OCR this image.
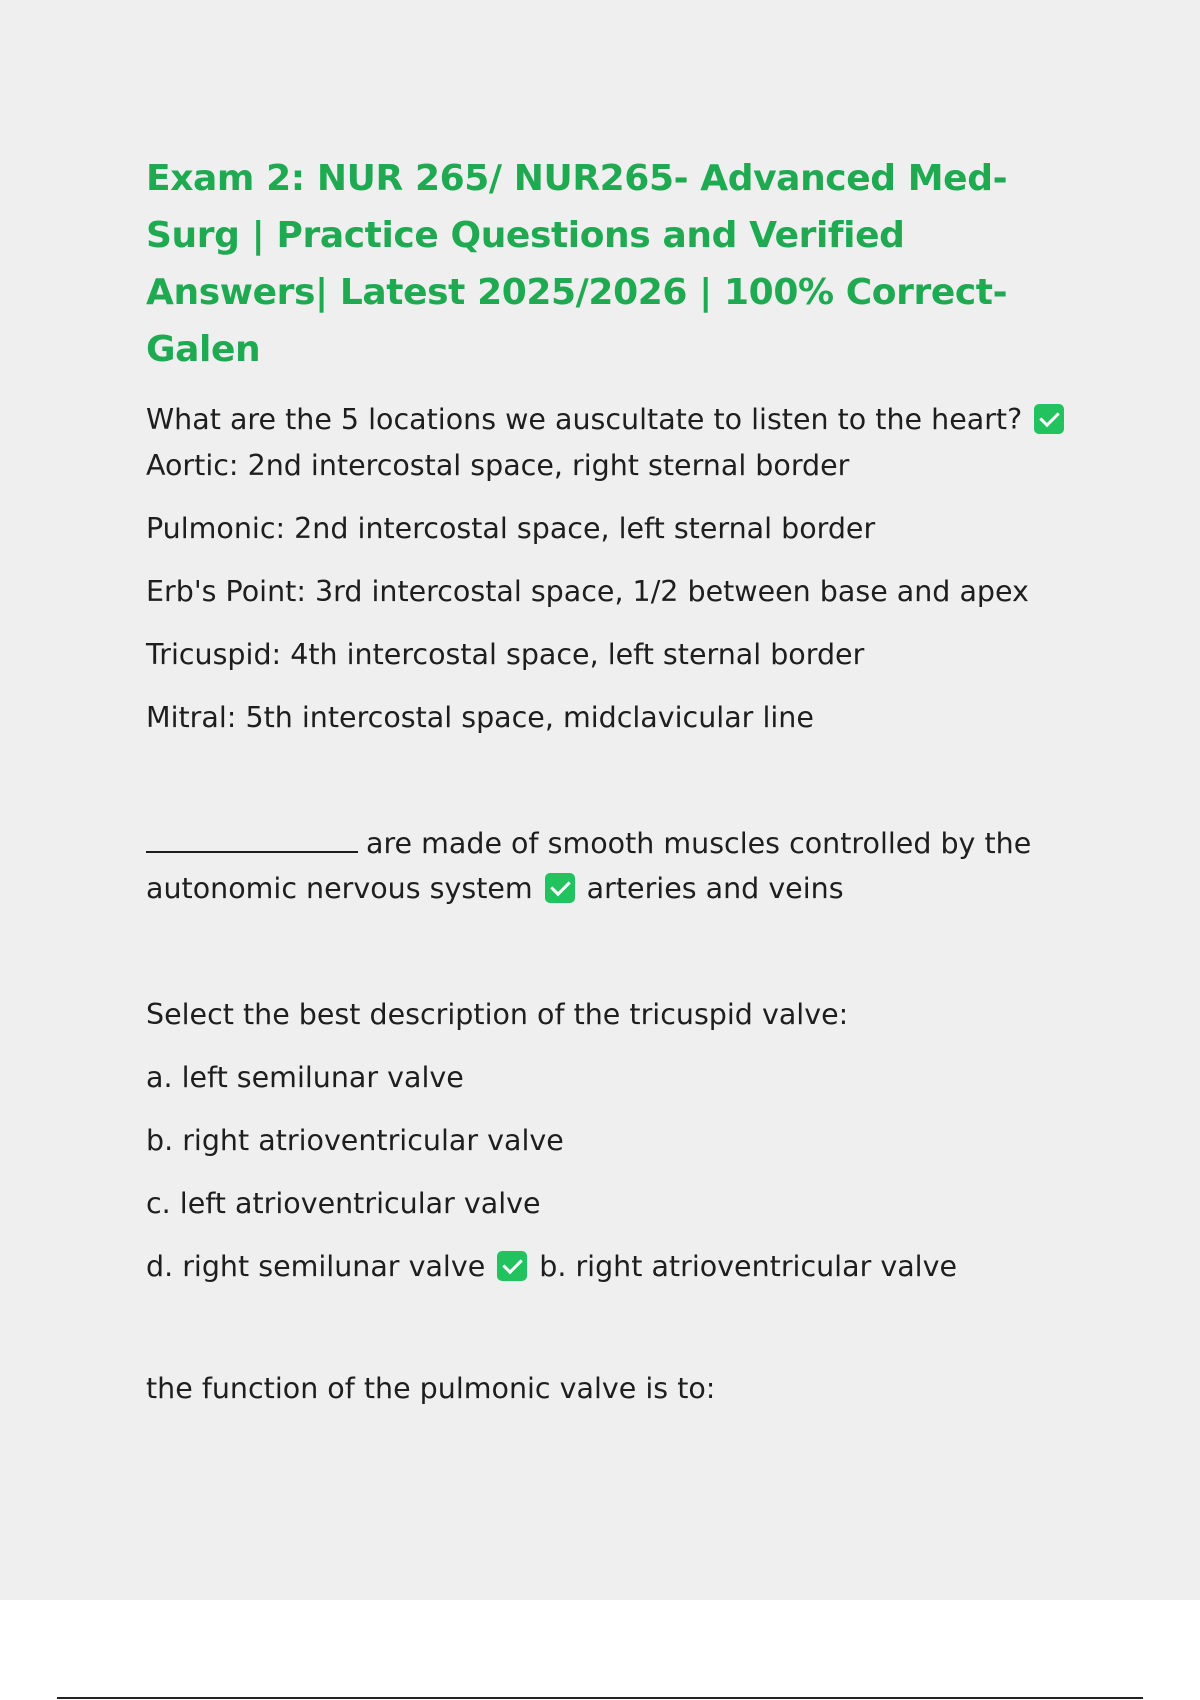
Exam 2: NUR 265/ NUR265- Advanced Med-Surg | Practice Questions and Verified Answers| Latest 2025/2026 | 100% Correct- Galen
What are the 5 locations we auscultate to listen to the heart?
Aortic: 2nd intercostal space, right sternal border
Pulmonic: 2nd intercostal space, left sternal border
Erb's Point: 3rd intercostal space, 1/2 between base and apex
Tricuspid: 4th intercostal space, left sternal border
Mitral: 5th intercostal space, midclavicular line
are made of smooth muscles controlled by the
autonomic nervous system arteries and veins
Select the best description of the tricuspid valve:
a. left semilunar valve
b. right atrioventricular valve
c. left atrioventricular valve
d. right semilunar valve b. right atrioventricular valve
the function of the pulmonic valve is to:
